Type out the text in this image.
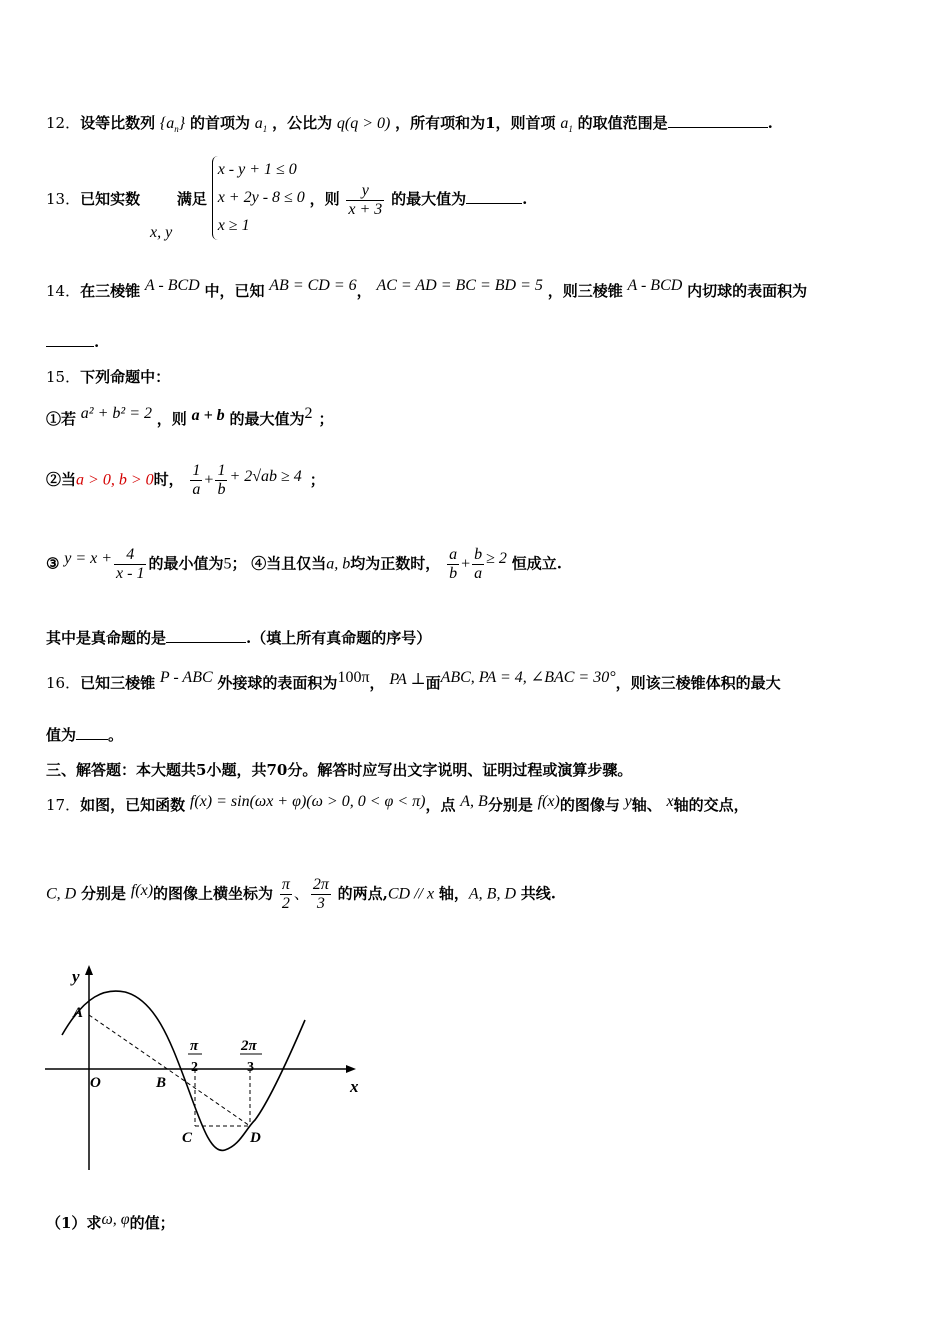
12．设等比数列 $\{a_n\}$ 的首项为 $a_1$ ，公比为 q(q > 0) ，所有项和为1，则首项 $a_1$ 的取值范围是	.
13．已知实数
x, y
满足
x - y + 1 ≤ 0
x + 2y - 8 ≤ 0
x ≥ 1
，则 $\frac{y}{x + 3}$ 的最大值为	.
14．在三棱锥 A - BCD 中，已知 AB = CD = 6， AC = AD = BC = BD = 5 ，则三棱锥 A - BCD 内切球的表面积为
.
15．下列命题中：
①若 a² + b² = 2 ，则 a + b 的最大值为2 ；
②当a > 0, b > 0时， $\frac{1}{a} + \frac{1}{b} + 2√ab \ge 4$ ；
③ $y = x + \frac{4}{x - 1}$ 的最小值为5； ④当且仅当a, b均为正数时， $\frac{a}{b} + \frac{b}{a} \ge 2$ 恒成立.
其中是真命题的是	.（填上所有真命题的序号）
16．已知三棱锥 P - ABC 外接球的表面积为100π， PA ⊥面ABC, PA = 4, ∠BAC = 30°，则该三棱锥体积的最大
值为 。
三、解答题：本大题共5小题，共70分。解答时应写出文字说明、证明过程或演算步骤。
17．如图，已知函数 f(x) = sin(ωx + φ)(ω > 0, 0 < φ < π)，点 A, B分别是 f(x)的图像与 y轴、 x轴的交点，
C, D 分别是 f(x)的图像上横坐标为 $\frac{\pi}{2}$ 、 $\frac{2\pi}{3}$ 的两点,CD // x 轴，A, B, D 共线.
y
x
O
A
B
C	D
π
2
2π
3
（1）求ω, φ的值；
